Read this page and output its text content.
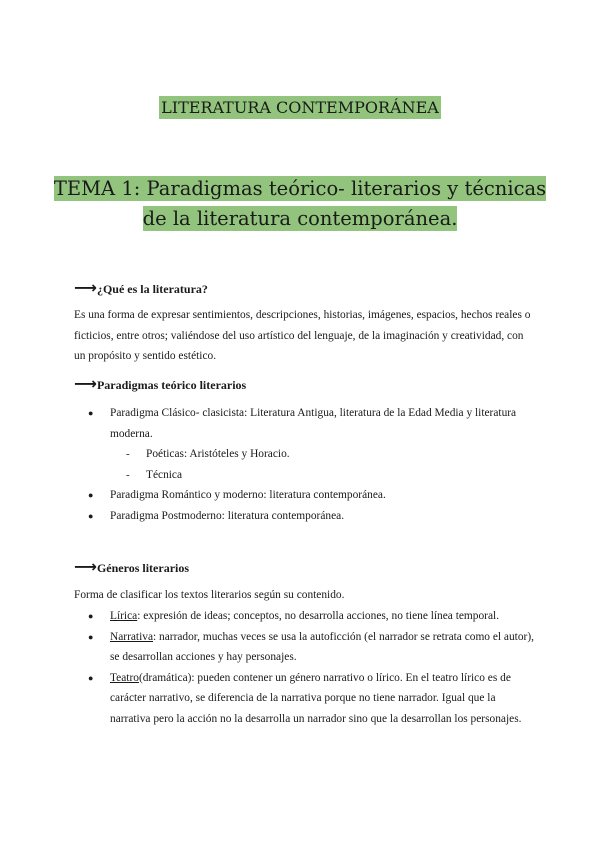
LITERATURA CONTEMPORÁNEA
TEMA 1: Paradigmas teórico- literarios y técnicas
de la literatura contemporánea.
⟶¿Qué es la literatura?
Es una forma de expresar sentimientos, descripciones, historias, imágenes, espacios, hechos reales o ficticios, entre otros; valiéndose del uso artístico del lenguaje, de la imaginación y creatividad, con un propósito y sentido estético.
⟶Paradigmas teórico literarios
● Paradigma Clásico- clasicista: Literatura Antigua, literatura de la Edad Media y literatura moderna.
- Poéticas: Aristóteles y Horacio.
- Técnica
● Paradigma Romántico y moderno: literatura contemporánea.
● Paradigma Postmoderno: literatura contemporánea.
⟶Géneros literarios
Forma de clasificar los textos literarios según su contenido.
● Lírica: expresión de ideas; conceptos, no desarrolla acciones, no tiene línea temporal.
● Narrativa: narrador, muchas veces se usa la autoficción (el narrador se retrata como el autor), se desarrollan acciones y hay personajes.
● Teatro(dramática): pueden contener un género narrativo o lírico. En el teatro lírico es de carácter narrativo, se diferencia de la narrativa porque no tiene narrador. Igual que la narrativa pero la acción no la desarrolla un narrador sino que la desarrollan los personajes.
